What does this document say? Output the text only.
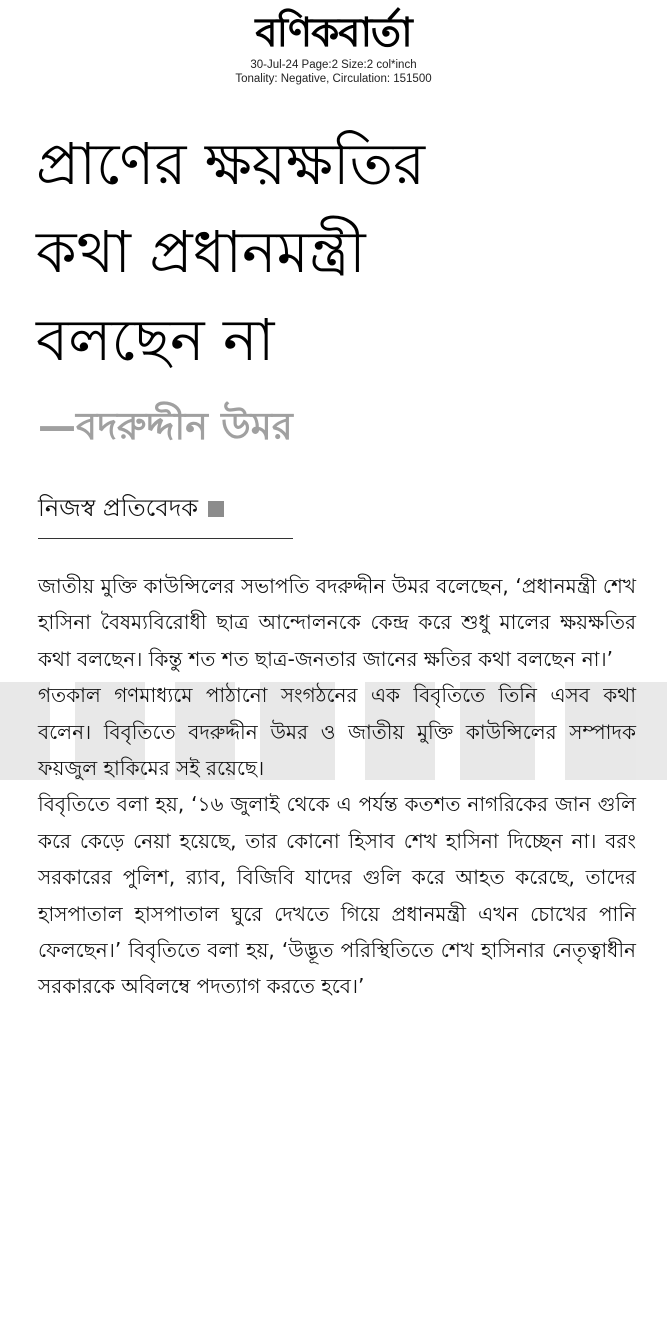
বণিকবার্তা
30-Jul-24 Page:2 Size:2 col*inch
Tonality: Negative, Circulation: 151500
প্রাণের ক্ষয়ক্ষতির
কথা প্রধানমন্ত্রী
বলছেন না
—বদরুদ্দীন উমর
নিজস্ব প্রতিবেদক

জাতীয় মুক্তি কাউন্সিলের সভাপতি বদরুদ্দীন উমর বলেছেন, ‘প্রধানমন্ত্রী শেখ হাসিনা বৈষম্যবিরোধী ছাত্র আন্দোলনকে কেন্দ্র করে শুধু মালের ক্ষয়ক্ষতির কথা বলছেন। কিন্তু শত শত ছাত্র-জনতার জানের ক্ষতির কথা বলছেন না।’

গতকাল গণমাধ্যমে পাঠানো সংগঠনের এক বিবৃতিতে তিনি এসব কথা বলেন। বিবৃতিতে বদরুদ্দীন উমর ও জাতীয় মুক্তি কাউন্সিলের সম্পাদক ফয়জুল হাকিমের সই রয়েছে।

বিবৃতিতে বলা হয়, ‘১৬ জুলাই থেকে এ পর্যন্ত কতশত নাগরিকের জান গুলি করে কেড়ে নেয়া হয়েছে, তার কোনো হিসাব শেখ হাসিনা দিচ্ছেন না। বরং সরকারের পুলিশ, র‌্যাব, বিজিবি যাদের গুলি করে আহত করেছে, তাদের হাসপাতাল হাসপাতাল ঘুরে দেখতে গিয়ে প্রধানমন্ত্রী এখন চোখের পানি ফেলছেন।’ বিবৃতিতে বলা হয়, ‘উদ্ভূত পরিস্থিতিতে শেখ হাসিনার নেতৃত্বাধীন সরকারকে অবিলম্বে পদত্যাগ করতে হবে।’
